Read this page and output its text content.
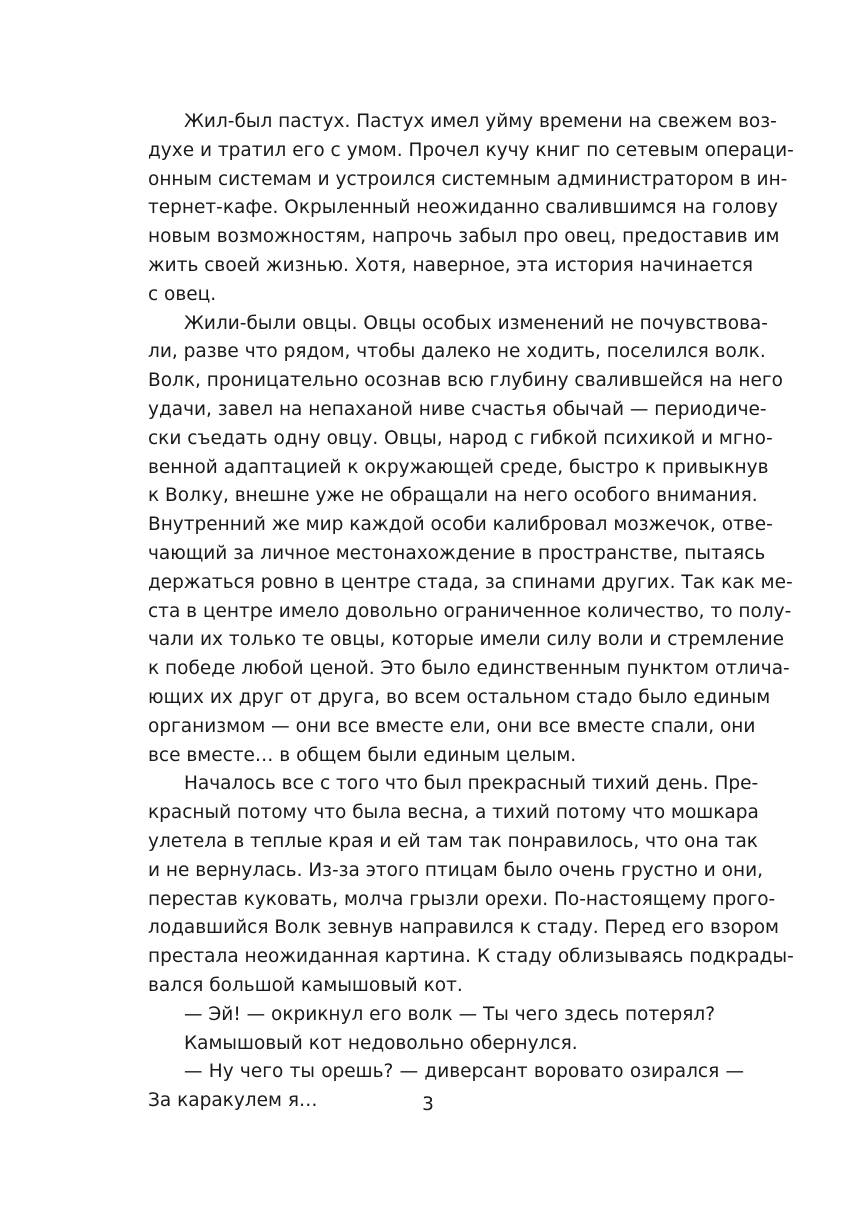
Жил-был пастух. Пастух имел уйму времени на свежем воз-
духе и тратил его с умом. Прочел кучу книг по сетевым операци-
онным системам и устроился системным администратором в ин-
тернет-кафе. Окрыленный неожиданно свалившимся на голову
новым возможностям, напрочь забыл про овец, предоставив им
жить своей жизнью. Хотя, наверное, эта история начинается
с овец.

Жили-были овцы. Овцы особых изменений не почувствова-
ли, разве что рядом, чтобы далеко не ходить, поселился волк.
Волк, проницательно осознав всю глубину свалившейся на него
удачи, завел на непаханой ниве счастья обычай — периодиче-
ски съедать одну овцу. Овцы, народ с гибкой психикой и мгно-
венной адаптацией к окружающей среде, быстро к привыкнув
к Волку, внешне уже не обращали на него особого внимания.
Внутренний же мир каждой особи калибровал мозжечок, отве-
чающий за личное местонахождение в пространстве, пытаясь
держаться ровно в центре стада, за спинами других. Так как ме-
ста в центре имело довольно ограниченное количество, то полу-
чали их только те овцы, которые имели силу воли и стремление
к победе любой ценой. Это было единственным пунктом отлича-
ющих их друг от друга, во всем остальном стадо было единым
организмом — они все вместе ели, они все вместе спали, они
все вместе… в общем были единым целым.

Началось все с того что был прекрасный тихий день. Пре-
красный потому что была весна, а тихий потому что мошкара
улетела в теплые края и ей там так понравилось, что она так
и не вернулась. Из-за этого птицам было очень грустно и они,
перестав куковать, молча грызли орехи. По-настоящему прого-
лодавшийся Волк зевнув направился к стаду. Перед его взором
престала неожиданная картина. К стаду облизываясь подкрады-
вался большой камышовый кот.

— Эй! — окрикнул его волк — Ты чего здесь потерял?

Камышовый кот недовольно обернулся.

— Ну чего ты орешь? — диверсант воровато озирался —
За каракулем я…	3
